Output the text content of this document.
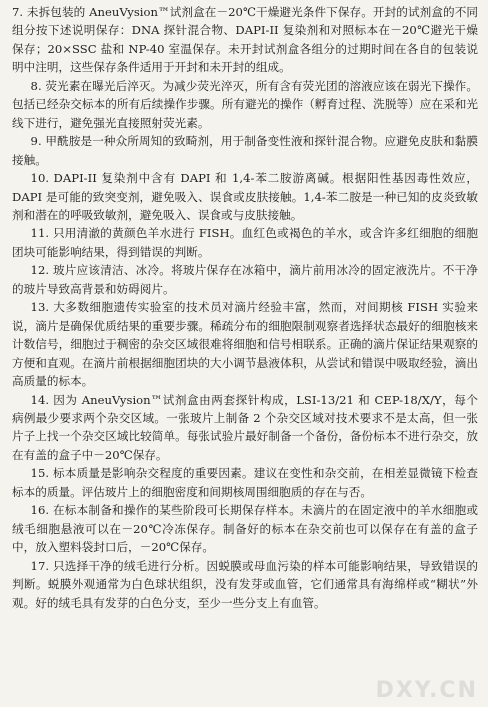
7. 未拆包装的 AneuVysion™试剂盒在－20℃干燥避光条件下保存。开封的试剂盒的不同组分按下述说明保存：DNA 探针混合物、DAPI-II 复染剂和对照标本在－20℃避光干燥保存；20×SSC 盐和 NP-40 室温保存。未开封试剂盒各组分的过期时间在各自的包装说明中注明，这些保存条件适用于开封和未开封的组成。

8. 荧光素在曝光后淬灭。为减少荧光淬灭，所有含有荧光团的溶液应该在弱光下操作。包括已经杂交标本的所有后续操作步骤。所有避光的操作（孵育过程、洗脱等）应在采和光线下进行，避免强光直接照射荧光素。

9. 甲酰胺是一种众所周知的致畸剂，用于制备变性液和探针混合物。应避免皮肤和黏膜接触。

10. DAPI-II 复染剂中含有 DAPI 和 1,4-苯二胺游离碱。根据阳性基因毒性效应，DAPI 是可能的致突变剂，避免吸入、误食或皮肤接触。1,4-苯二胺是一种已知的皮炎致敏剂和潜在的呼吸致敏剂，避免吸入、误食或与皮肤接触。

11. 只用清澈的黄颜色羊水进行 FISH。血红色或褐色的羊水，或含许多红细胞的细胞团块可能影响结果，得到错误的判断。

12. 玻片应该清洁、冰冷。将玻片保存在冰箱中，滴片前用冰冷的固定液洗片。不干净的玻片导致高背景和妨碍阅片。

13. 大多数细胞遗传实验室的技术员对滴片经验丰富，然而，对间期核 FISH 实验来说，滴片是确保优质结果的重要步骤。稀疏分布的细胞限制观察者选择状态最好的细胞核来计数信号，细胞过于稠密的杂交区域很难将细胞和信号相联系。正确的滴片保证结果观察的方便和直观。在滴片前根据细胞团块的大小调节悬液体积，从尝试和错误中吸取经验，滴出高质量的标本。

14. 因为 AneuVysion™试剂盒由两套探针构成，LSI-13/21 和 CEP-18/X/Y，每个病例最少要求两个杂交区域。一张玻片上制备 2 个杂交区域对技术要求不是太高，但一张片子上找一个杂交区域比较简单。每张试验片最好制备一个备份，备份标本不进行杂交，放在有盖的盒子中－20℃保存。

15. 标本质量是影响杂交程度的重要因素。建议在变性和杂交前，在相差显微镜下检查标本的质量。评估玻片上的细胞密度和间期核周围细胞质的存在与否。

16. 在标本制备和操作的某些阶段可长期保存样本。未滴片的在固定液中的羊水细胞或绒毛细胞悬液可以在－20℃冷冻保存。制备好的标本在杂交前也可以保存在有盖的盒子中，放入塑料袋封口后，－20℃保存。

17. 只选择干净的绒毛进行分析。因蜕膜或母血污染的样本可能影响结果，导致错误的判断。蜕膜外观通常为白色球状组织，没有发芽或血管，它们通常具有海绵样或“糊状”外观。好的绒毛具有发芽的白色分支，至少一些分支上有血管。

DXY.CN
